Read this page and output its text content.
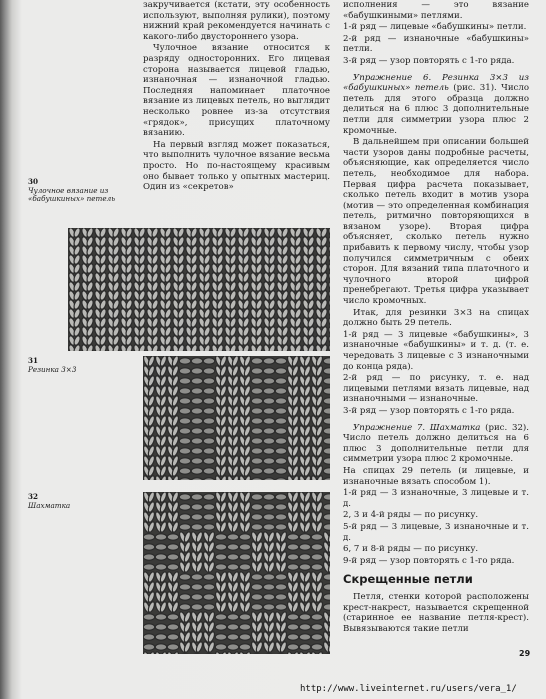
закручивается (кстати, эту особенность используют, выполняя рулики), поэтому нижний край рекомендуется начинать с какого-либо двустороннего узора.

Чулочное вязание относится к разряду односторонних. Его лицевая сторона называется лицевой гладью, изнаночная — изнаночной гладью. Последняя напоминает платочное вязание из лицевых петель, но выглядит несколько ровнее из-за отсутствия «грядок», присущих платочному вязанию.

На первый взгляд может показаться, что выполнить чулочное вязание весьма просто. Но по-настоящему красивым оно бывает только у опытных мастериц. Один из «секретов»

30
Чулочное вязание из «бабушкиных» петель
31
Резинка 3×3
32
Шахматка

исполнения — это вязание «бабушкиными» петлями.

1-й ряд — лицевые «бабушкины» петли.

2-й ряд — изнаночные «бабушкины» петли.

3-й ряд — узор повторять с 1-го ряда.

Упражнение 6. Резинка 3×3 из «бабушкиных» петель (рис. 31). Число петель для этого образца должно делиться на 6 плюс 3 дополнительные петли для симметрии узора плюс 2 кромочные.

В дальнейшем при описании большей части узоров даны подробные расчеты, объясняющие, как определяется число петель, необходимое для набора. Первая цифра расчета показывает, сколько петель входит в мотив узора (мотив — это определенная комбинация петель, ритмично повторяющихся в вязаном узоре). Вторая цифра объясняет, сколько петель нужно прибавить к первому числу, чтобы узор получился симметричным с обеих сторон. Для вязаний типа платочного и чулочного второй цифрой пренебрегают. Третья цифра указывает число кромочных.

Итак, для резинки 3×3 на спицах должно быть 29 петель.

1-й ряд — 3 лицевые «бабушкины», 3 изнаночные «бабушкины» и т. д. (т. е. чередовать 3 лицевые с 3 изнаночными до конца ряда).

2-й ряд — по рисунку, т. е. над лицевыми петлями вязать лицевые, над изнаночными — изнаночные.

3-й ряд — узор повторять с 1-го ряда.

Упражнение 7. Шахматка (рис. 32). Число петель должно делиться на 6 плюс 3 дополнительные петли для симметрии узора плюс 2 кромочные.

На спицах 29 петель (и лицевые, и изнаночные вязать способом 1).

1-й ряд — 3 изнаночные, 3 лицевые и т. д.

2, 3 и 4-й ряды — по рисунку.

5-й ряд — 3 лицевые, 3 изнаночные и т. д.

6, 7 и 8-й ряды — по рисунку.

9-й ряд — узор повторять с 1-го ряда.

Скрещенные петли

Петля, стенки которой расположены крест-накрест, называется скрещенной (старинное ее название петля-крест). Вывязываются такие петли

29
http://www.liveinternet.ru/users/vera_1/
